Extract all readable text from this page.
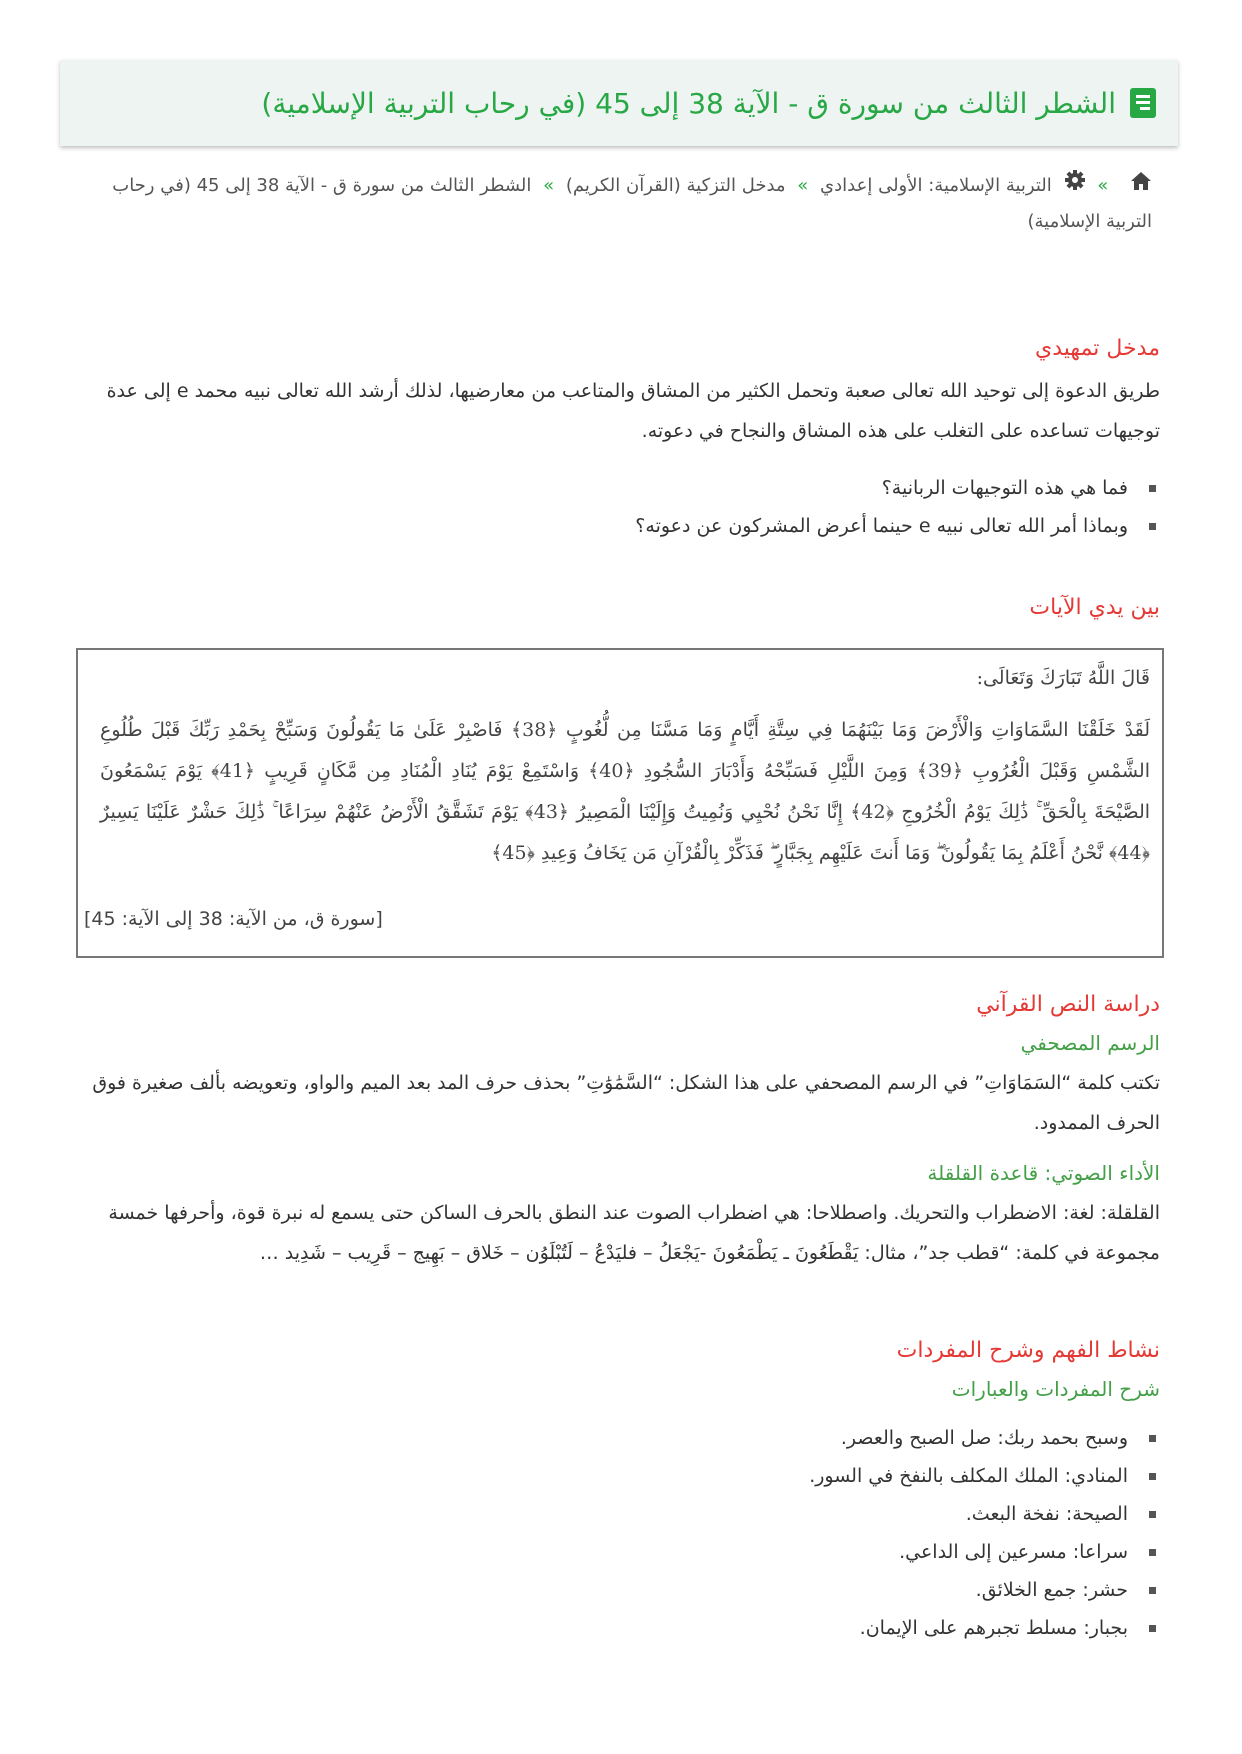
الشطر الثالث من سورة ق - الآية 38 إلى 45 (في رحاب التربية الإسلامية)
»  التربية الإسلامية: الأولى إعدادي » مدخل التزكية (القرآن الكريم) » الشطر الثالث من سورة ق - الآية 38 إلى 45 (في رحاب التربية الإسلامية)
مدخل تمهيدي

طريق الدعوة إلى توحيد الله تعالى صعبة وتحمل الكثير من المشاق والمتاعب من معارضيها، لذلك أرشد الله تعالى نبيه محمد e إلى عدة توجيهات تساعده على التغلب على هذه المشاق والنجاح في دعوته.

فما هي هذه التوجيهات الربانية؟
وبماذا أمر الله تعالى نبيه e حينما أعرض المشركون عن دعوته؟
بين يدي الآيات

قَالَ اللَّهُ تَبَارَكَ وَتَعَالَى:

لَقَدْ خَلَقْنَا السَّمَاوَاتِ وَالْأَرْضَ وَمَا بَيْنَهُمَا فِي سِتَّةِ أَيَّامٍ وَمَا مَسَّنَا مِن لُّغُوبٍ ﴿38﴾ فَاصْبِرْ عَلَىٰ مَا يَقُولُونَ وَسَبِّحْ بِحَمْدِ رَبِّكَ قَبْلَ طُلُوعِ الشَّمْسِ وَقَبْلَ الْغُرُوبِ ﴿39﴾ وَمِنَ اللَّيْلِ فَسَبِّحْهُ وَأَدْبَارَ السُّجُودِ ﴿40﴾ وَاسْتَمِعْ يَوْمَ يُنَادِ الْمُنَادِ مِن مَّكَانٍ قَرِيبٍ ﴿41﴾ يَوْمَ يَسْمَعُونَ الصَّيْحَةَ بِالْحَقِّ ۚ ذَٰلِكَ يَوْمُ الْخُرُوجِ ﴿42﴾ إِنَّا نَحْنُ نُحْيِي وَنُمِيتُ وَإِلَيْنَا الْمَصِيرُ ﴿43﴾ يَوْمَ تَشَقَّقُ الْأَرْضُ عَنْهُمْ سِرَاعًا ۚ ذَٰلِكَ حَشْرٌ عَلَيْنَا يَسِيرٌ ﴿44﴾ نَّحْنُ أَعْلَمُ بِمَا يَقُولُونَ ۖ وَمَا أَنتَ عَلَيْهِم بِجَبَّارٍ ۖ فَذَكِّرْ بِالْقُرْآنِ مَن يَخَافُ وَعِيدِ ﴿45﴾

[سورة ق، من الآية: 38 إلى الآية: 45]
دراسة النص القرآني
الرسم المصحفي

تكتب كلمة “السَمَاوَاتِ” في الرسم المصحفي على هذا الشكل: “السَّمَٰوَٰتِ” بحذف حرف المد بعد الميم والواو، وتعويضه بألف صغيرة فوق الحرف الممدود.

الأداء الصوتي: قاعدة القلقلة

القلقلة: لغة: الاضطراب والتحريك. واصطلاحا: هي اضطراب الصوت عند النطق بالحرف الساكن حتى يسمع له نبرة قوة، وأحرفها خمسة مجموعة في كلمة: “قطب جد”، مثال: يَقْطَعُونَ ـ يَطْمَعُونَ -يَجْعَلُ – فليَدْعُ – لَتُبْلَوُن – خَلاق – بَهِيج – قَرِيب – شَدِيد …

نشاط الفهم وشرح المفردات
شرح المفردات والعبارات
وسبح بحمد ربك: صل الصبح والعصر.
المنادي: الملك المكلف بالنفخ في السور.
الصيحة: نفخة البعث.
سراعا: مسرعين إلى الداعي.
حشر: جمع الخلائق.
بجبار: مسلط تجبرهم على الإيمان.
